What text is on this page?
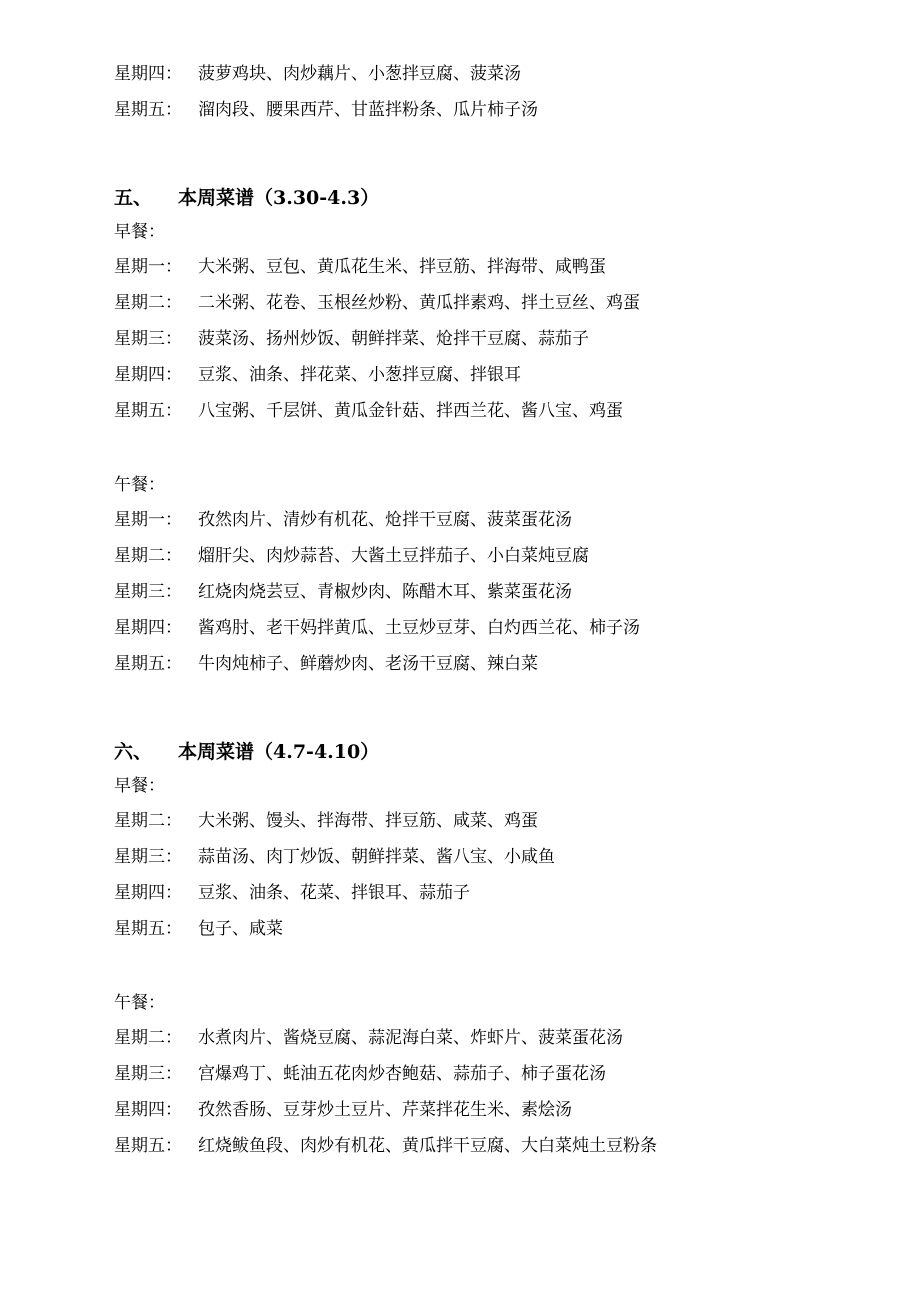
星期四： 菠萝鸡块、肉炒藕片、小葱拌豆腐、菠菜汤
星期五： 溜肉段、腰果西芹、甘蓝拌粉条、瓜片柿子汤
五、 本周菜谱（3.30-4.3）
早餐：
星期一： 大米粥、豆包、黄瓜花生米、拌豆筋、拌海带、咸鸭蛋
星期二： 二米粥、花卷、玉根丝炒粉、黄瓜拌素鸡、拌土豆丝、鸡蛋
星期三： 菠菜汤、扬州炒饭、朝鲜拌菜、炝拌干豆腐、蒜茄子
星期四： 豆浆、油条、拌花菜、小葱拌豆腐、拌银耳
星期五： 八宝粥、千层饼、黄瓜金针菇、拌西兰花、酱八宝、鸡蛋
午餐：
星期一： 孜然肉片、清炒有机花、炝拌干豆腐、菠菜蛋花汤
星期二： 熘肝尖、肉炒蒜苔、大酱土豆拌茄子、小白菜炖豆腐
星期三： 红烧肉烧芸豆、青椒炒肉、陈醋木耳、紫菜蛋花汤
星期四： 酱鸡肘、老干妈拌黄瓜、土豆炒豆芽、白灼西兰花、柿子汤
星期五： 牛肉炖柿子、鲜蘑炒肉、老汤干豆腐、辣白菜
六、 本周菜谱（4.7-4.10）
早餐：
星期二： 大米粥、馒头、拌海带、拌豆筋、咸菜、鸡蛋
星期三： 蒜苗汤、肉丁炒饭、朝鲜拌菜、酱八宝、小咸鱼
星期四： 豆浆、油条、花菜、拌银耳、蒜茄子
星期五： 包子、咸菜
午餐：
星期二： 水煮肉片、酱烧豆腐、蒜泥海白菜、炸虾片、菠菜蛋花汤
星期三： 宫爆鸡丁、蚝油五花肉炒杏鲍菇、蒜茄子、柿子蛋花汤
星期四： 孜然香肠、豆芽炒土豆片、芹菜拌花生米、素烩汤
星期五： 红烧鲅鱼段、肉炒有机花、黄瓜拌干豆腐、大白菜炖土豆粉条
